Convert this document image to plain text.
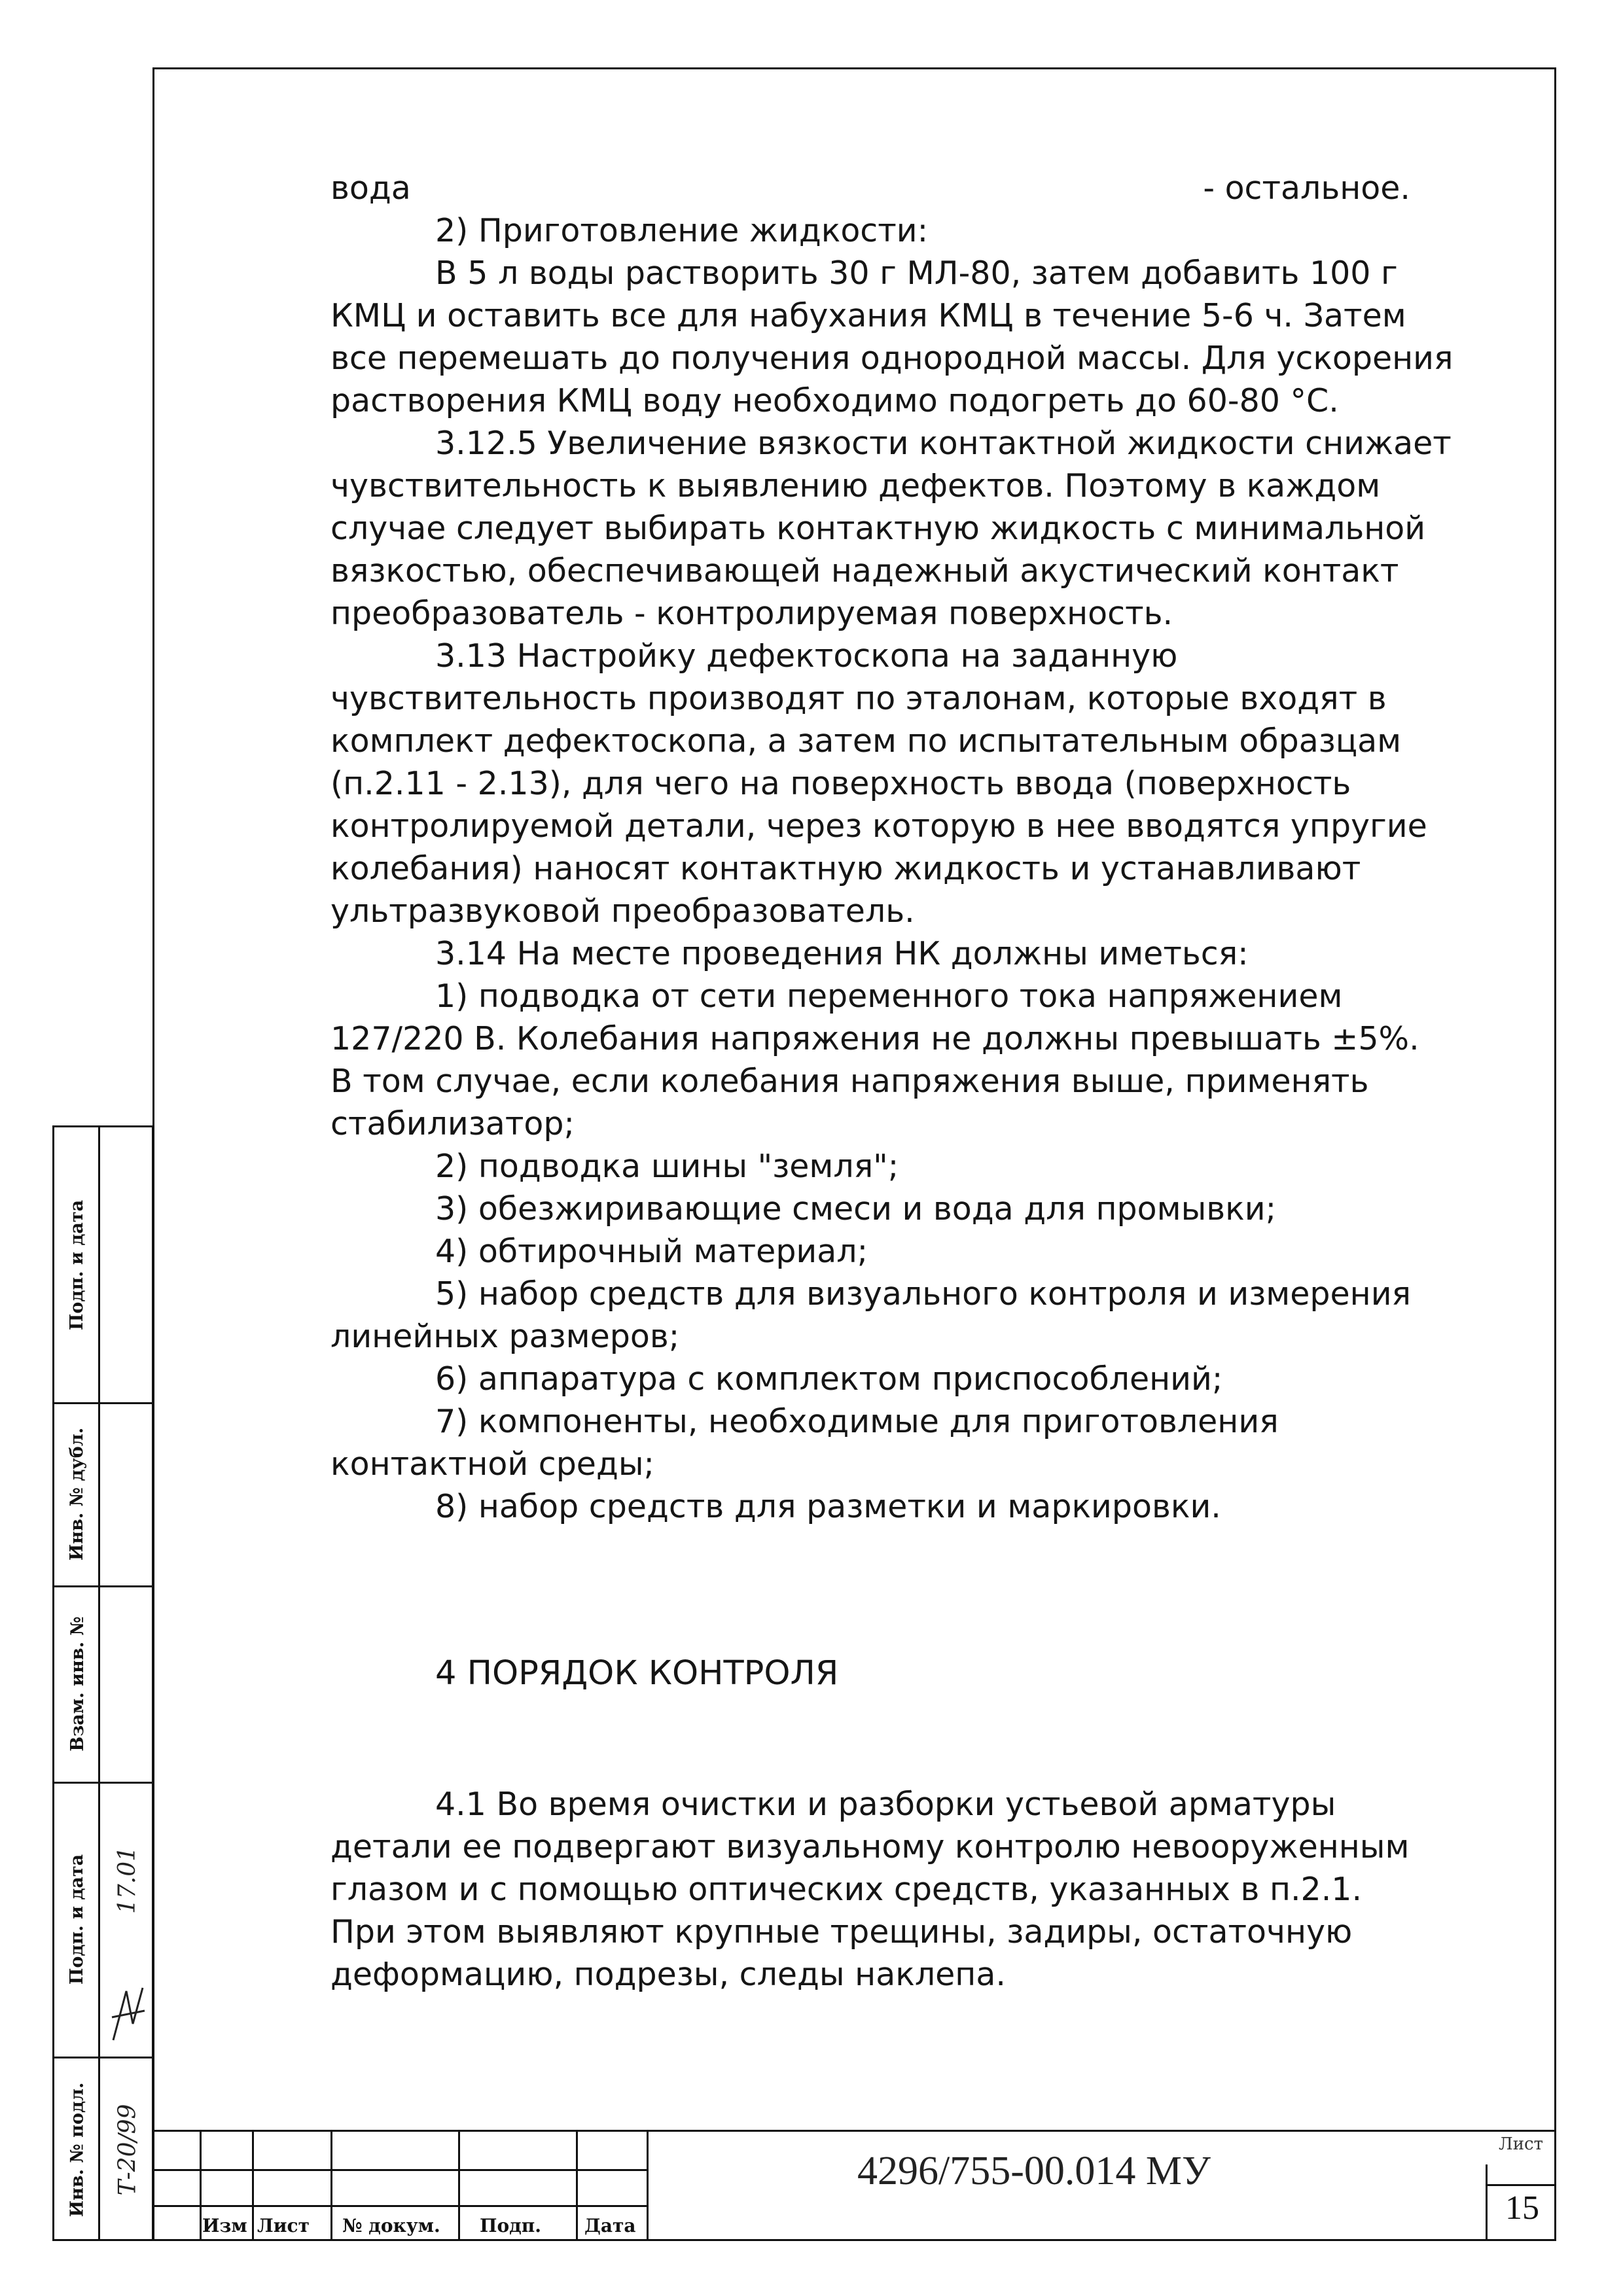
вода	- остальное.

2) Приготовление жидкости:

В 5 л воды растворить 30 г МЛ-80, затем добавить 100 г

КМЦ и оставить все для набухания КМЦ в течение 5-6 ч. Затем

все перемешать до получения однородной массы. Для ускорения

растворения КМЦ воду необходимо подогреть до 60-80 °С.

3.12.5 Увеличение вязкости контактной жидкости снижает

чувствительность к выявлению дефектов. Поэтому в каждом

случае следует выбирать контактную жидкость с минимальной

вязкостью, обеспечивающей надежный акустический контакт

преобразователь - контролируемая поверхность.

3.13 Настройку дефектоскопа на заданную

чувствительность производят по эталонам, которые входят в

комплект дефектоскопа, а затем по испытательным образцам

(п.2.11 - 2.13), для чего на поверхность ввода (поверхность

контролируемой детали, через которую в нее вводятся упругие

колебания) наносят контактную жидкость и устанавливают

ультразвуковой преобразователь.

3.14 На месте проведения НК должны иметься:

1) подводка от сети переменного тока напряжением

127/220 В. Колебания напряжения не должны превышать ±5%.

В том случае, если колебания напряжения выше, применять

стабилизатор;

2) подводка шины "земля";

3) обезжиривающие смеси и вода для промывки;

4) обтирочный материал;

5) набор средств для визуального контроля и измерения

линейных размеров;

6) аппаратура с комплектом приспособлений;

7) компоненты, необходимые для приготовления

контактной среды;

8) набор средств для разметки и маркировки.

4 ПОРЯДОК КОНТРОЛЯ

4.1 Во время очистки и разборки устьевой арматуры

детали ее подвергают визуальному контролю невооруженным

глазом и с помощью оптических средств, указанных в п.2.1.

При этом выявляют крупные трещины, задиры, остаточную

деформацию, подрезы, следы наклепа.

Подп. и дата
Инв. № дубл.
Взам. инв. №
Подп. и дата
Инв. № подл.
17.01
Т-20/99
Изм Лист № докум. Подп. Дата
4296/755-00.014 МУ
Лист
15
